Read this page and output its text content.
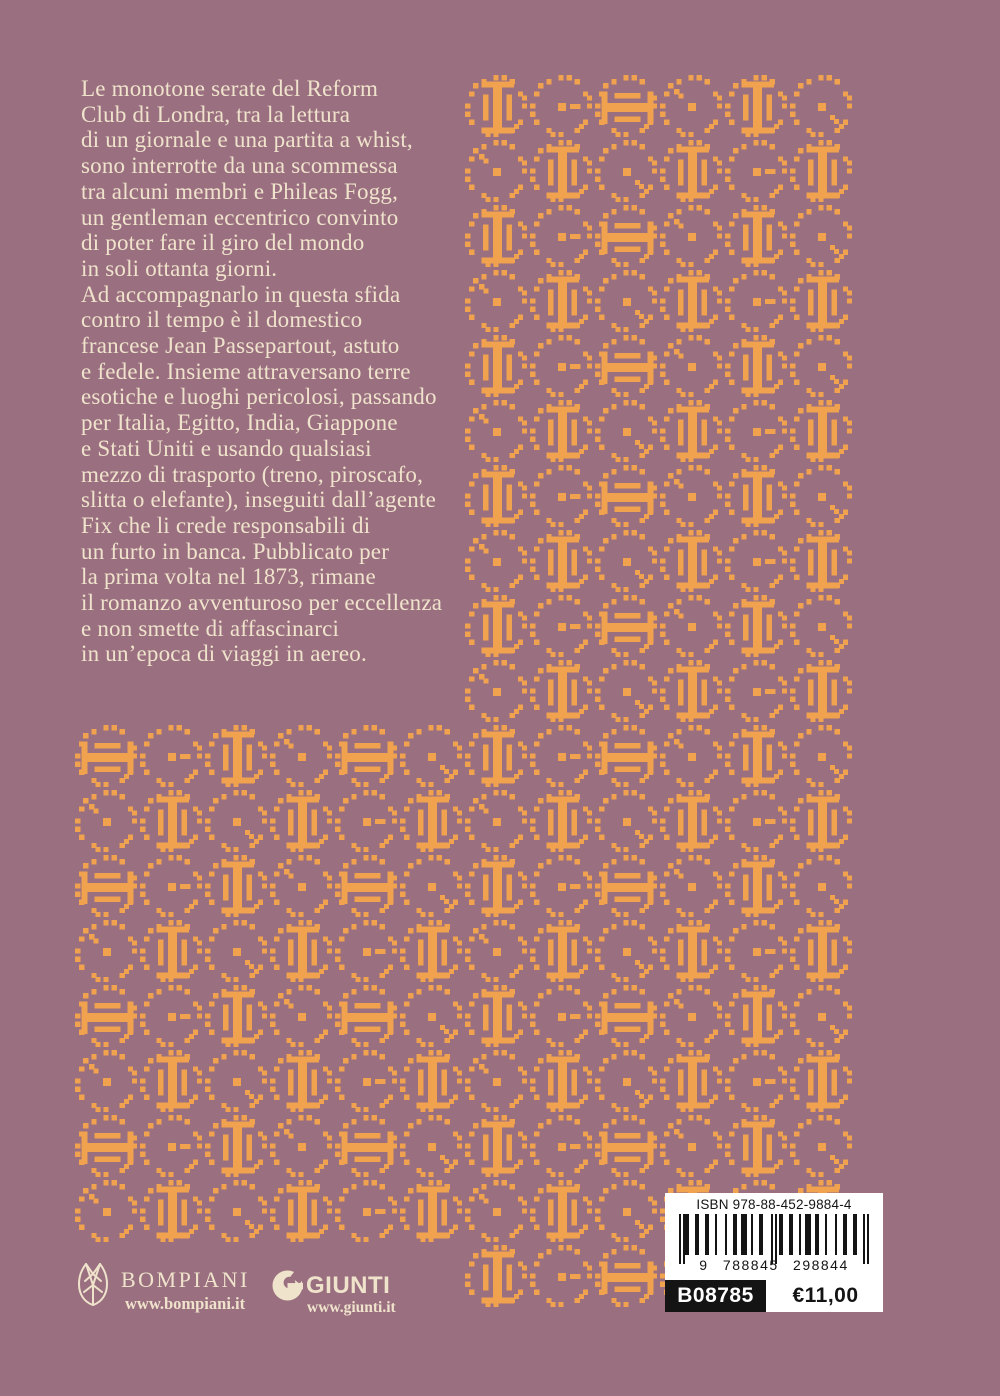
Le monotone serate del Reform
Club di Londra, tra la lettura
di un giornale e una partita a whist,
sono interrotte da una scommessa
tra alcuni membri e Phileas Fogg,
un gentleman eccentrico convinto
di poter fare il giro del mondo
in soli ottanta giorni.
Ad accompagnarlo in questa sfida
contro il tempo è il domestico
francese Jean Passepartout, astuto
e fedele. Insieme attraversano terre
esotiche e luoghi pericolosi, passando
per Italia, Egitto, India, Giappone
e Stati Uniti e usando qualsiasi
mezzo di trasporto (treno, piroscafo,
slitta o elefante), inseguiti dall’agente
Fix che li crede responsabili di
un furto in banca. Pubblicato per
la prima volta nel 1873, rimane
il romanzo avventuroso per eccellenza
e non smette di affascinarci
in un’epoca di viaggi in aereo.
ISBN 978-88-452-9884-4
9 788845 298844
B08785	€11,00
BOMPIANI
www.bompiani.it
GIUNTI
www.giunti.it
